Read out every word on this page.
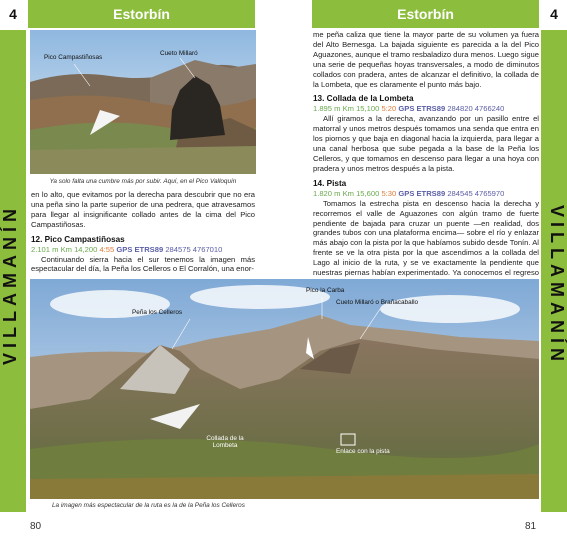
4	Estorbín	Estorbín	4
VILLAMANÍN	VILLAMANÍN
Pico Campastiñosas
Cueto Millaró
Ya solo falta una cumbre más por subir. Aquí, en el Pico Valloquín

en lo alto, que evitamos por la derecha para descubrir que no era una peña sino la parte superior de una pedrera, que atravesamos para llegar al insignificante collado antes de la cima del Pico Campastiñosas.

12. Pico Campastiñosas
2.101 m Km 14,200 4:55 GPS ETRS89 284575 4767010

Continuando sierra hacia el sur tenemos la imagen más espectacular del día, la Peña los Celleros o El Corralón, una enor-

me peña caliza que tiene la mayor parte de su volumen ya fuera del Alto Bernesga. La bajada siguiente es parecida a la del Pico Aguazones, aunque el tramo resbaladizo dura menos. Luego sigue una serie de pequeñas hoyas transversales, a modo de diminutos collados con pradera, antes de alcanzar el definitivo, la collada de la Lombeta, que es claramente el punto más bajo.

13. Collada de la Lombeta
1.895 m Km 15,100 5:20 GPS ETRS89 284820 4766240

Allí giramos a la derecha, avanzando por un pasillo entre el matorral y unos metros después tomamos una senda que entra en los piornos y que baja en diagonal hacia la izquierda, para llegar a una canal herbosa que sube pegada a la base de la Peña los Celleros, y que tomamos en descenso para llegar a una hoya con pradera y unos metros después a la pista.

14. Pista
1.820 m Km 15,600 5:30 GPS ETRS89 284545 4765970

Tomamos la estrecha pista en descenso hacia la derecha y recorremos el valle de Aguazones con algún tramo de fuerte pendiente de bajada para cruzar un puente —en realidad, dos grandes tubos con una plataforma encima— sobre el río y enlazar más abajo con la pista por la que habíamos subido desde Tonín. Al frente se ve la otra pista por la que ascendimos a la collada del Lago al inicio de la ruta, y se ve exactamente la pendiente que nuestras piernas habían experimentado. Ya conocemos el regreso

Peña los Celleros
Pico la Carba
Cueto Millaró o Brañacaballo
Collada de la Lombeta
Enlace con la pista
La imagen más espectacular de la ruta es la de la Peña los Celleros
80	81
